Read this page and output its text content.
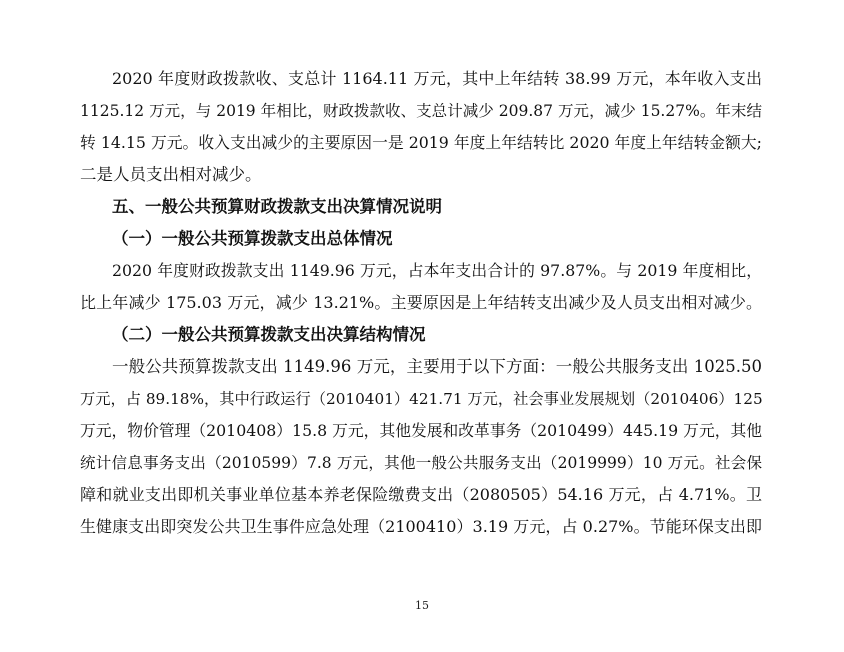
2020 年度财政拨款收、支总计 1164.11 万元，其中上年结转 38.99 万元，本年收入支出
1125.12 万元，与 2019 年相比，财政拨款收、支总计减少 209.87 万元，减少 15.27%。年末结
转 14.15 万元。收入支出减少的主要原因一是 2019 年度上年结转比 2020 年度上年结转金额大;
二是人员支出相对减少。
五、一般公共预算财政拨款支出决算情况说明
（一）一般公共预算拨款支出总体情况
2020 年度财政拨款支出 1149.96 万元，占本年支出合计的 97.87%。与 2019 年度相比，
比上年减少 175.03 万元，减少 13.21%。主要原因是上年结转支出减少及人员支出相对减少。
（二）一般公共预算拨款支出决算结构情况
一般公共预算拨款支出 1149.96 万元，主要用于以下方面：一般公共服务支出 1025.50
万元，占 89.18%，其中行政运行（2010401）421.71 万元，社会事业发展规划（2010406）125
万元，物价管理（2010408）15.8 万元，其他发展和改革事务（2010499）445.19 万元，其他
统计信息事务支出（2010599）7.8 万元，其他一般公共服务支出（2019999）10 万元。社会保
障和就业支出即机关事业单位基本养老保险缴费支出（2080505）54.16 万元，占 4.71%。卫
生健康支出即突发公共卫生事件应急处理（2100410）3.19 万元，占 0.27%。节能环保支出即
15
